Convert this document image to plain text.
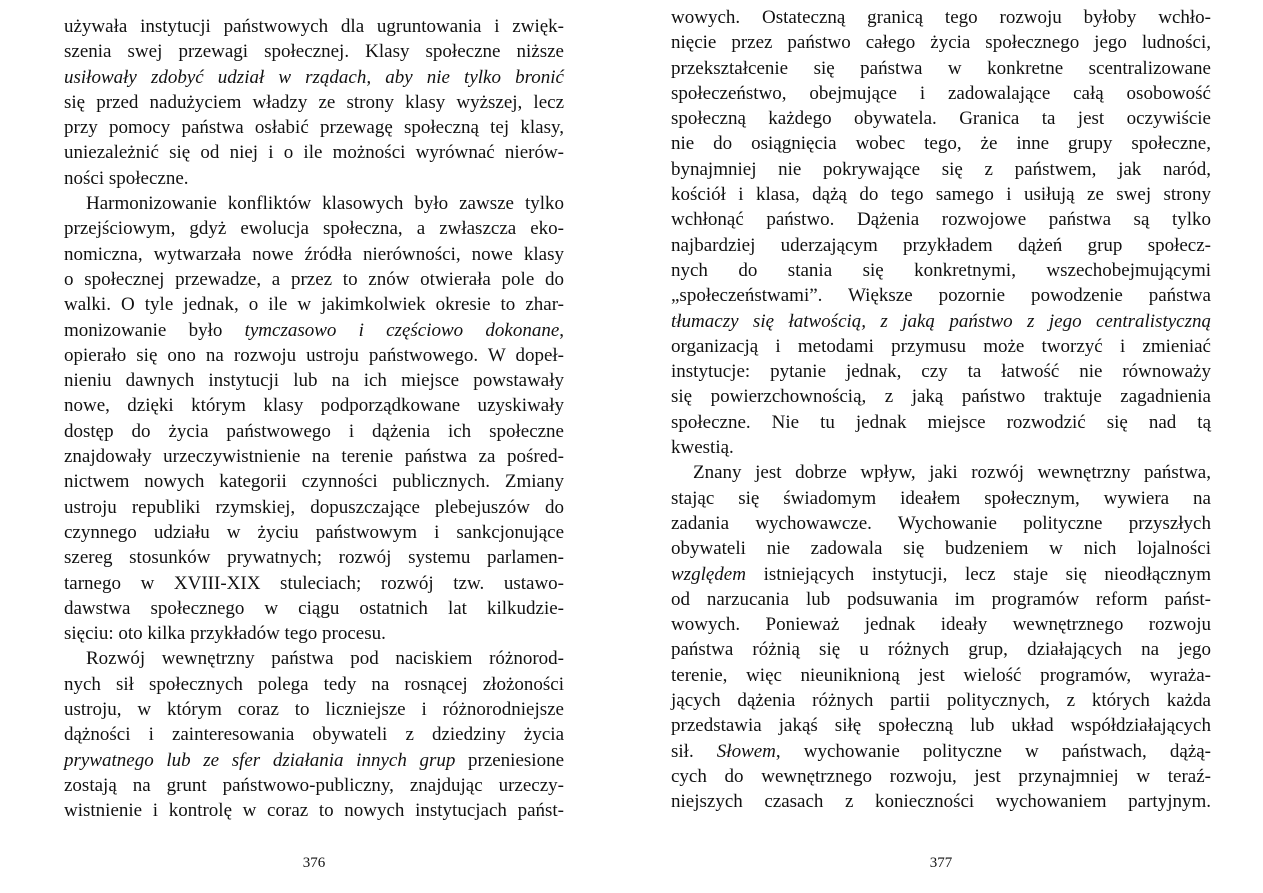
używała instytucji państwowych dla ugruntowania i zwięk-
szenia swej przewagi społecznej. Klasy społeczne niższe
usiłowały zdobyć udział w rządach, aby nie tylko bronić
się przed nadużyciem władzy ze strony klasy wyższej, lecz
przy pomocy państwa osłabić przewagę społeczną tej klasy,
uniezależnić się od niej i o ile możności wyrównać nierów-
ności społeczne.
Harmonizowanie konfliktów klasowych było zawsze tylko
przejściowym, gdyż ewolucja społeczna, a zwłaszcza eko-
nomiczna, wytwarzała nowe źródła nierówności, nowe klasy
o społecznej przewadze, a przez to znów otwierała pole do
walki. O tyle jednak, o ile w jakimkolwiek okresie to zhar-
monizowanie było tymczasowo i częściowo dokonane,
opierało się ono na rozwoju ustroju państwowego. W dopeł-
nieniu dawnych instytucji lub na ich miejsce powstawały
nowe, dzięki którym klasy podporządkowane uzyskiwały
dostęp do życia państwowego i dążenia ich społeczne
znajdowały urzeczywistnienie na terenie państwa za pośred-
nictwem nowych kategorii czynności publicznych. Zmiany
ustroju republiki rzymskiej, dopuszczające plebejuszów do
czynnego udziału w życiu państwowym i sankcjonujące
szereg stosunków prywatnych; rozwój systemu parlamen-
tarnego w XVIII-XIX stuleciach; rozwój tzw. ustawo-
dawstwa społecznego w ciągu ostatnich lat kilkudzie-
sięciu: oto kilka przykładów tego procesu.
Rozwój wewnętrzny państwa pod naciskiem różnorod-
nych sił społecznych polega tedy na rosnącej złożoności
ustroju, w którym coraz to liczniejsze i różnorodniejsze
dążności i zainteresowania obywateli z dziedziny życia
prywatnego lub ze sfer działania innych grup przeniesione
zostają na grunt państwowo-publiczny, znajdując urzeczy-
wistnienie i kontrolę w coraz to nowych instytucjach państ-
376
wowych. Ostateczną granicą tego rozwoju byłoby wchło-
nięcie przez państwo całego życia społecznego jego ludności,
przekształcenie się państwa w konkretne scentralizowane
społeczeństwo, obejmujące i zadowalające całą osobowość
społeczną każdego obywatela. Granica ta jest oczywiście
nie do osiągnięcia wobec tego, że inne grupy społeczne,
bynajmniej nie pokrywające się z państwem, jak naród,
kościół i klasa, dążą do tego samego i usiłują ze swej strony
wchłonąć państwo. Dążenia rozwojowe państwa są tylko
najbardziej uderzającym przykładem dążeń grup społecz-
nych do stania się konkretnymi, wszechobejmującymi
„społeczeństwami”. Większe pozornie powodzenie państwa
tłumaczy się łatwością, z jaką państwo z jego centralistyczną
organizacją i metodami przymusu może tworzyć i zmieniać
instytucje: pytanie jednak, czy ta łatwość nie równoważy
się powierzchownością, z jaką państwo traktuje zagadnienia
społeczne. Nie tu jednak miejsce rozwodzić się nad tą
kwestią.
Znany jest dobrze wpływ, jaki rozwój wewnętrzny państwa,
stając się świadomym ideałem społecznym, wywiera na
zadania wychowawcze. Wychowanie polityczne przyszłych
obywateli nie zadowala się budzeniem w nich lojalności
względem istniejących instytucji, lecz staje się nieodłącznym
od narzucania lub podsuwania im programów reform państ-
wowych. Ponieważ jednak ideały wewnętrznego rozwoju
państwa różnią się u różnych grup, działających na jego
terenie, więc nieuniknioną jest wielość programów, wyraża-
jących dążenia różnych partii politycznych, z których każda
przedstawia jakąś siłę społeczną lub układ współdziałających
sił. Słowem, wychowanie polityczne w państwach, dążą-
cych do wewnętrznego rozwoju, jest przynajmniej w teraź-
niejszych czasach z konieczności wychowaniem partyjnym.
377
